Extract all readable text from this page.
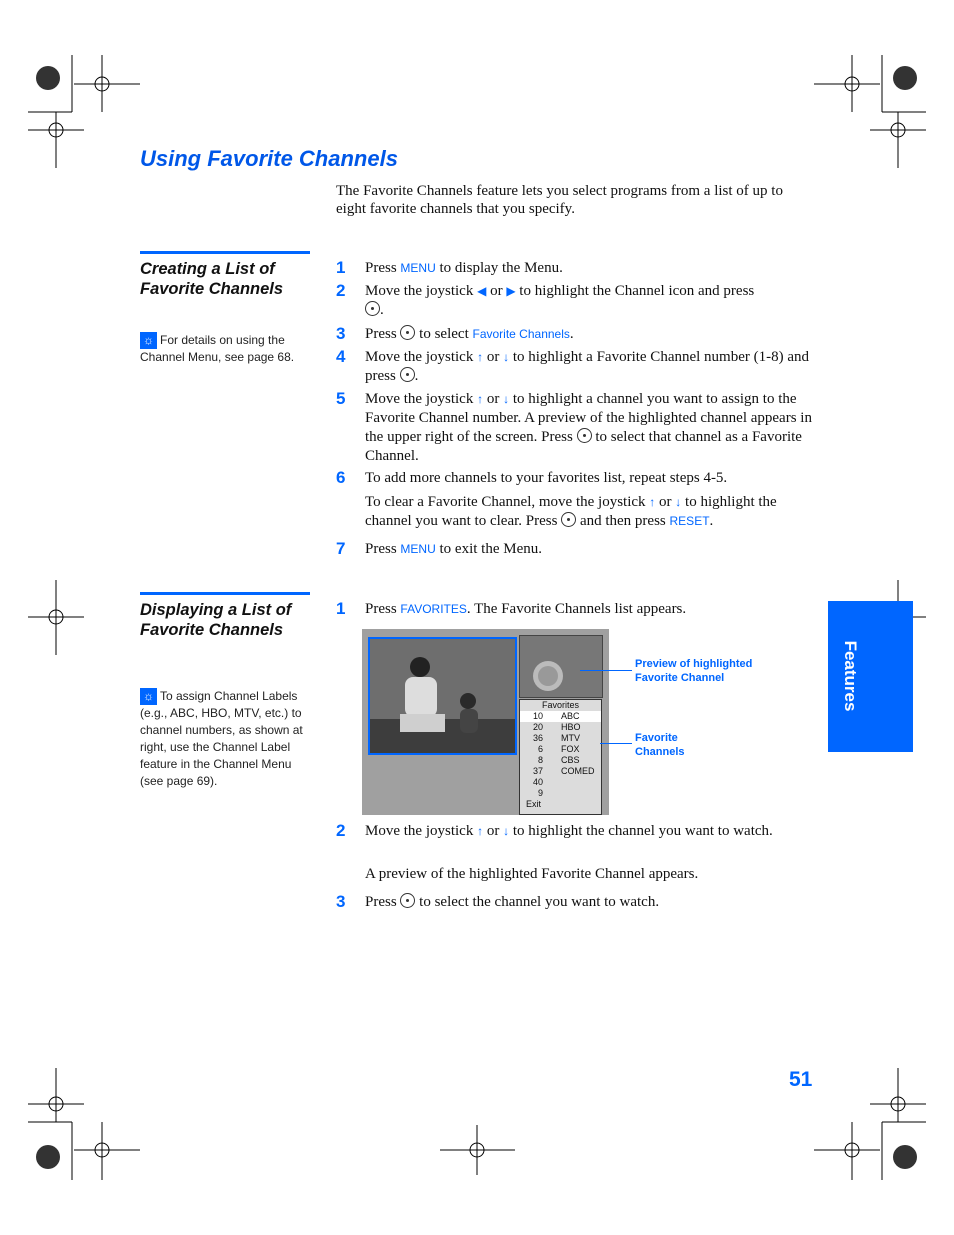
Using Favorite Channels
The Favorite Channels feature lets you select programs from a list of up to eight favorite channels that you specify.
Creating a List of Favorite Channels
☼ For details on using the Channel Menu, see page 68.
1 Press MENU to display the Menu.
2 Move the joystick ◀ or ▶ to highlight the Channel icon and press
.
3 Press  to select Favorite Channels.
4 Move the joystick ↑ or ↓ to highlight a Favorite Channel number (1-8) and press .
5 Move the joystick ↑ or ↓ to highlight a channel you want to assign to the Favorite Channel number. A preview of the highlighted channel appears in the upper right of the screen. Press  to select that channel as a Favorite Channel.
6 To add more channels to your favorites list, repeat steps 4-5.
To clear a Favorite Channel, move the joystick ↑ or ↓ to highlight the channel you want to clear. Press  and then press RESET.
7 Press MENU to exit the Menu.
Displaying a List of Favorite Channels
☼ To assign Channel Labels (e.g., ABC, HBO, MTV, etc.) to channel numbers, as shown at right, use the Channel Label feature in the Channel Menu (see page 69).
1 Press FAVORITES. The Favorite Channels list appears.
Favorites
10	ABC
20	HBO
36	MTV
6	FOX
8	CBS
37	COMED
40
9
Exit
Preview of highlighted Favorite Channel
Favorite Channels
2 Move the joystick ↑ or ↓ to highlight the channel you want to watch.
A preview of the highlighted Favorite Channel appears.
3 Press  to select the channel you want to watch.
Features
51
